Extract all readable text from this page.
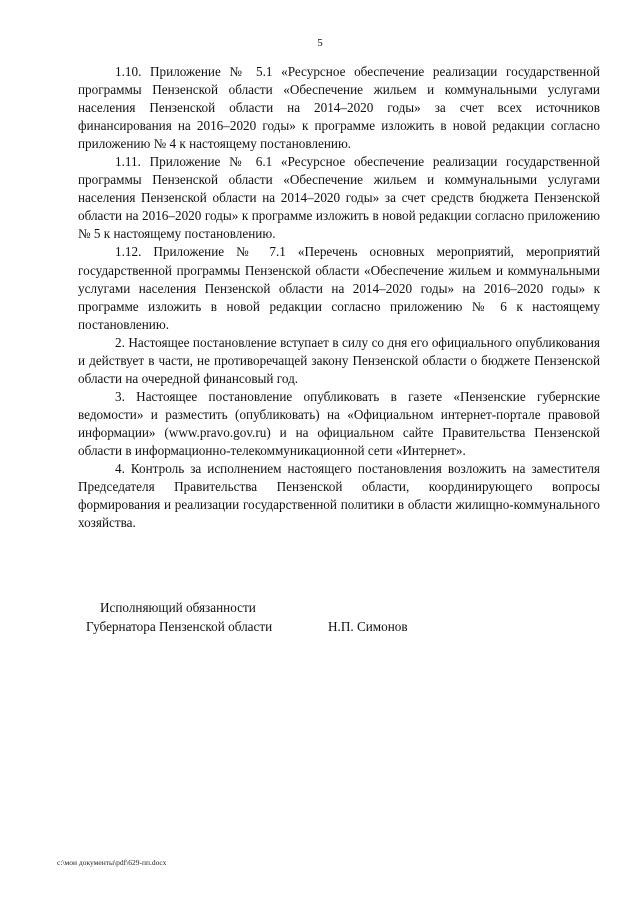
5

1.10. Приложение № 5.1 «Ресурсное обеспечение реализации государственной программы Пензенской области «Обеспечение жильем и коммунальными услугами населения Пензенской области на 2014–2020 годы» за счет всех источников финансирования на 2016–2020 годы» к программе изложить в новой редакции согласно приложению № 4 к настоящему постановлению.

1.11. Приложение № 6.1 «Ресурсное обеспечение реализации государственной программы Пензенской области «Обеспечение жильем и коммунальными услугами населения Пензенской области на 2014–2020 годы» за счет средств бюджета Пензенской области на 2016–2020 годы» к программе изложить в новой редакции согласно приложению № 5 к настоящему постановлению.

1.12. Приложение № 7.1 «Перечень основных мероприятий, мероприятий государственной программы Пензенской области «Обеспечение жильем и коммунальными услугами населения Пензенской области на 2014–2020 годы» на 2016–2020 годы» к программе изложить в новой редакции согласно приложению № 6 к настоящему постановлению.

2. Настоящее постановление вступает в силу со дня его официального опубликования и действует в части, не противоречащей закону Пензенской области о бюджете Пензенской области на очередной финансовый год.

3. Настоящее постановление опубликовать в газете «Пензенские губернские ведомости» и разместить (опубликовать) на «Официальном интернет-портале правовой информации» (www.pravo.gov.ru) и на официальном сайте Правительства Пензенской области в информационно-телекоммуникационной сети «Интернет».

4. Контроль за исполнением настоящего постановления возложить на заместителя Председателя Правительства Пензенской области, координирующего вопросы формирования и реализации государственной политики в области жилищно-коммунального хозяйства.

Исполняющий обязанности
Губернатора Пензенской области	Н.П. Симонов
c:\мои документы\pdf\629-пп.docx
